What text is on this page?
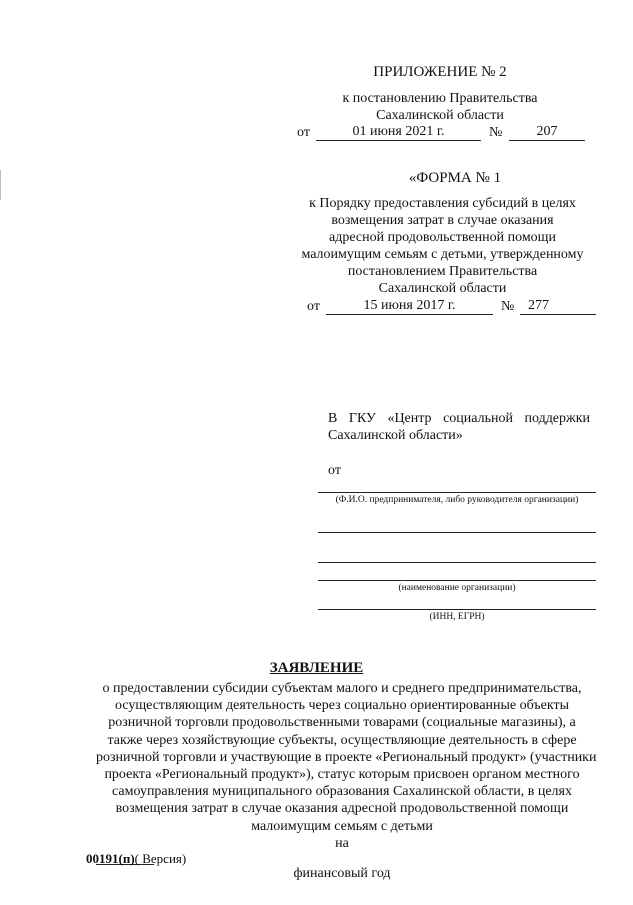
ПРИЛОЖЕНИЕ № 2
к постановлению Правительства
Сахалинской области
от	01 июня 2021 г.	№	207
«ФОРМА № 1
к Порядку предоставления субсидий в целях
возмещения затрат в случае оказания
адресной продовольственной помощи
малоимущим семьям с детьми, утвержденному
постановлением Правительства
Сахалинской области
от	15 июня 2017 г.	№ 277
В ГКУ «Центр социальной поддержки Сахалинской области»
от
(Ф.И.О. предпринимателя, либо руководителя организации)
(наименование организации)
(ИНН, ЕГРН)
ЗАЯВЛЕНИЕ
о предоставлении субсидии субъектам малого и среднего предпринимательства,
осуществляющим деятельность через социально ориентированные объекты
розничной торговли продовольственными товарами (социальные магазины), а
также через хозяйствующие субъекты, осуществляющие деятельность в сфере
розничной торговли и участвующие в проекте «Региональный продукт» (участники
проекта «Региональный продукт»), статус которым присвоен органом местного
самоуправления муниципального образования Сахалинской области, в целях
возмещения затрат в случае оказания адресной продовольственной помощи
малоимущим семьям с детьми
на
финансовый год
00191(п)( Версия)
